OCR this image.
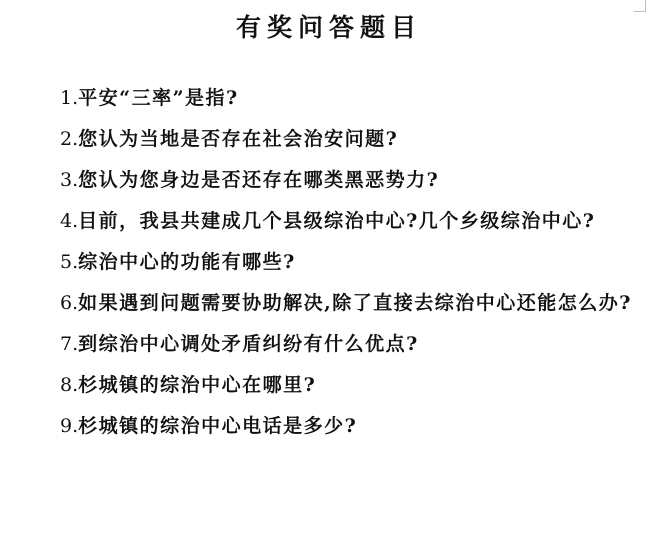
有奖问答题目

1.平安“三率”是指?

2.您认为当地是否存在社会治安问题?

3.您认为您身边是否还存在哪类黑恶势力?

4.目前，我县共建成几个县级综治中心?几个乡级综治中心?

5.综治中心的功能有哪些?

6.如果遇到问题需要协助解决,除了直接去综治中心还能怎么办?

7.到综治中心调处矛盾纠纷有什么优点?

8.杉城镇的综治中心在哪里?

9.杉城镇的综治中心电话是多少?
